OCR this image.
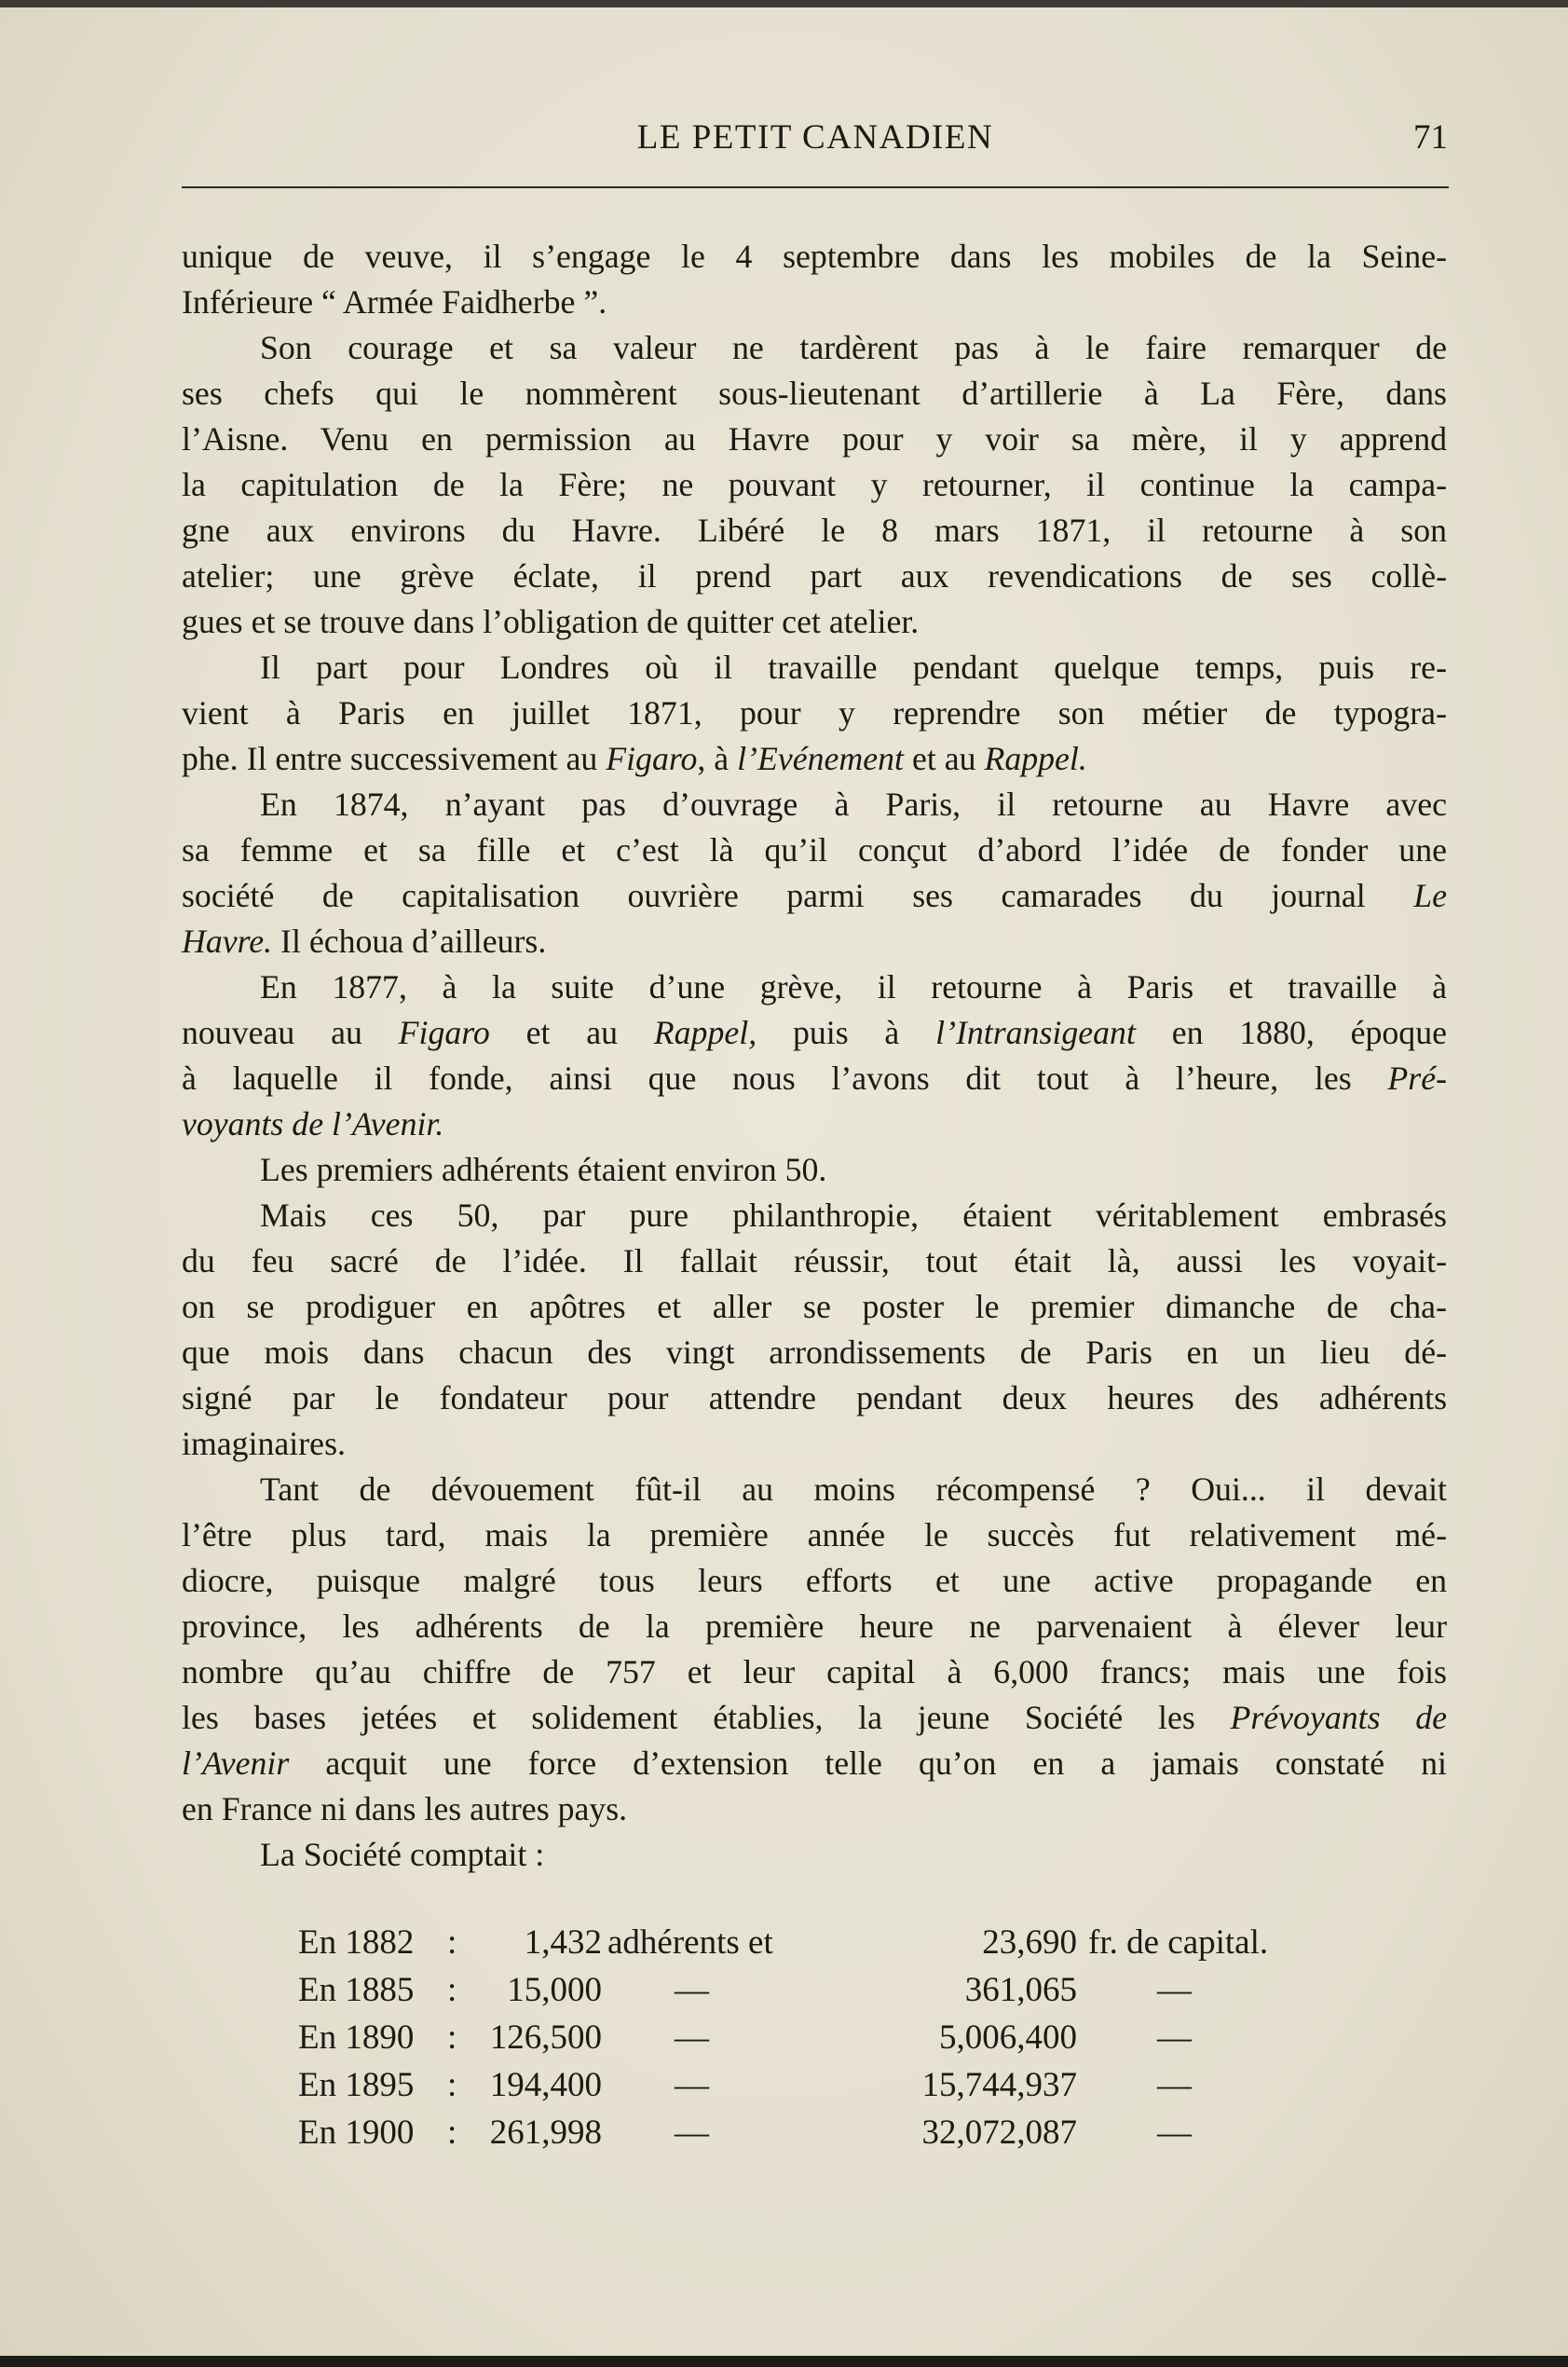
LE PETIT CANADIEN	71

unique de veuve, il s’engage le 4 septembre dans les mobiles de la Seine-
Inférieure “ Armée Faidherbe ”.

Son courage et sa valeur ne tardèrent pas à le faire remarquer de
ses chefs qui le nommèrent sous-lieutenant d’artillerie à La Fère, dans
l’Aisne. Venu en permission au Havre pour y voir sa mère, il y apprend
la capitulation de la Fère; ne pouvant y retourner, il continue la campa-
gne aux environs du Havre. Libéré le 8 mars 1871, il retourne à son
atelier; une grève éclate, il prend part aux revendications de ses collè-
gues et se trouve dans l’obligation de quitter cet atelier.

Il part pour Londres où il travaille pendant quelque temps, puis re-
vient à Paris en juillet 1871, pour y reprendre son métier de typogra-
phe. Il entre successivement au Figaro, à l’Evénement et au Rappel.

En 1874, n’ayant pas d’ouvrage à Paris, il retourne au Havre avec
sa femme et sa fille et c’est là qu’il conçut d’abord l’idée de fonder une
société de capitalisation ouvrière parmi ses camarades du journal Le
Havre. Il échoua d’ailleurs.

En 1877, à la suite d’une grève, il retourne à Paris et travaille à
nouveau au Figaro et au Rappel, puis à l’Intransigeant en 1880, époque
à laquelle il fonde, ainsi que nous l’avons dit tout à l’heure, les Pré-
voyants de l’Avenir.

Les premiers adhérents étaient environ 50.

Mais ces 50, par pure philanthropie, étaient véritablement embrasés
du feu sacré de l’idée. Il fallait réussir, tout était là, aussi les voyait-
on se prodiguer en apôtres et aller se poster le premier dimanche de cha-
que mois dans chacun des vingt arrondissements de Paris en un lieu dé-
signé par le fondateur pour attendre pendant deux heures des adhérents
imaginaires.

Tant de dévouement fût-il au moins récompensé ? Oui... il devait
l’être plus tard, mais la première année le succès fut relativement mé-
diocre, puisque malgré tous leurs efforts et une active propagande en
province, les adhérents de la première heure ne parvenaient à élever leur
nombre qu’au chiffre de 757 et leur capital à 6,000 francs; mais une fois
les bases jetées et solidement établies, la jeune Société les Prévoyants de
l’Avenir acquit une force d’extension telle qu’on en a jamais constaté ni
en France ni dans les autres pays.

La Société comptait :

En 1882 :	1,432 adhérents et	23,690 fr. de capital.
En 1885 :	15,000 —	361,065 —
En 1890 : 126,500 —	5,006,400 —
En 1895 : 194,400 —	15,744,937 —
En 1900 : 261,998 —	32,072,087 —
